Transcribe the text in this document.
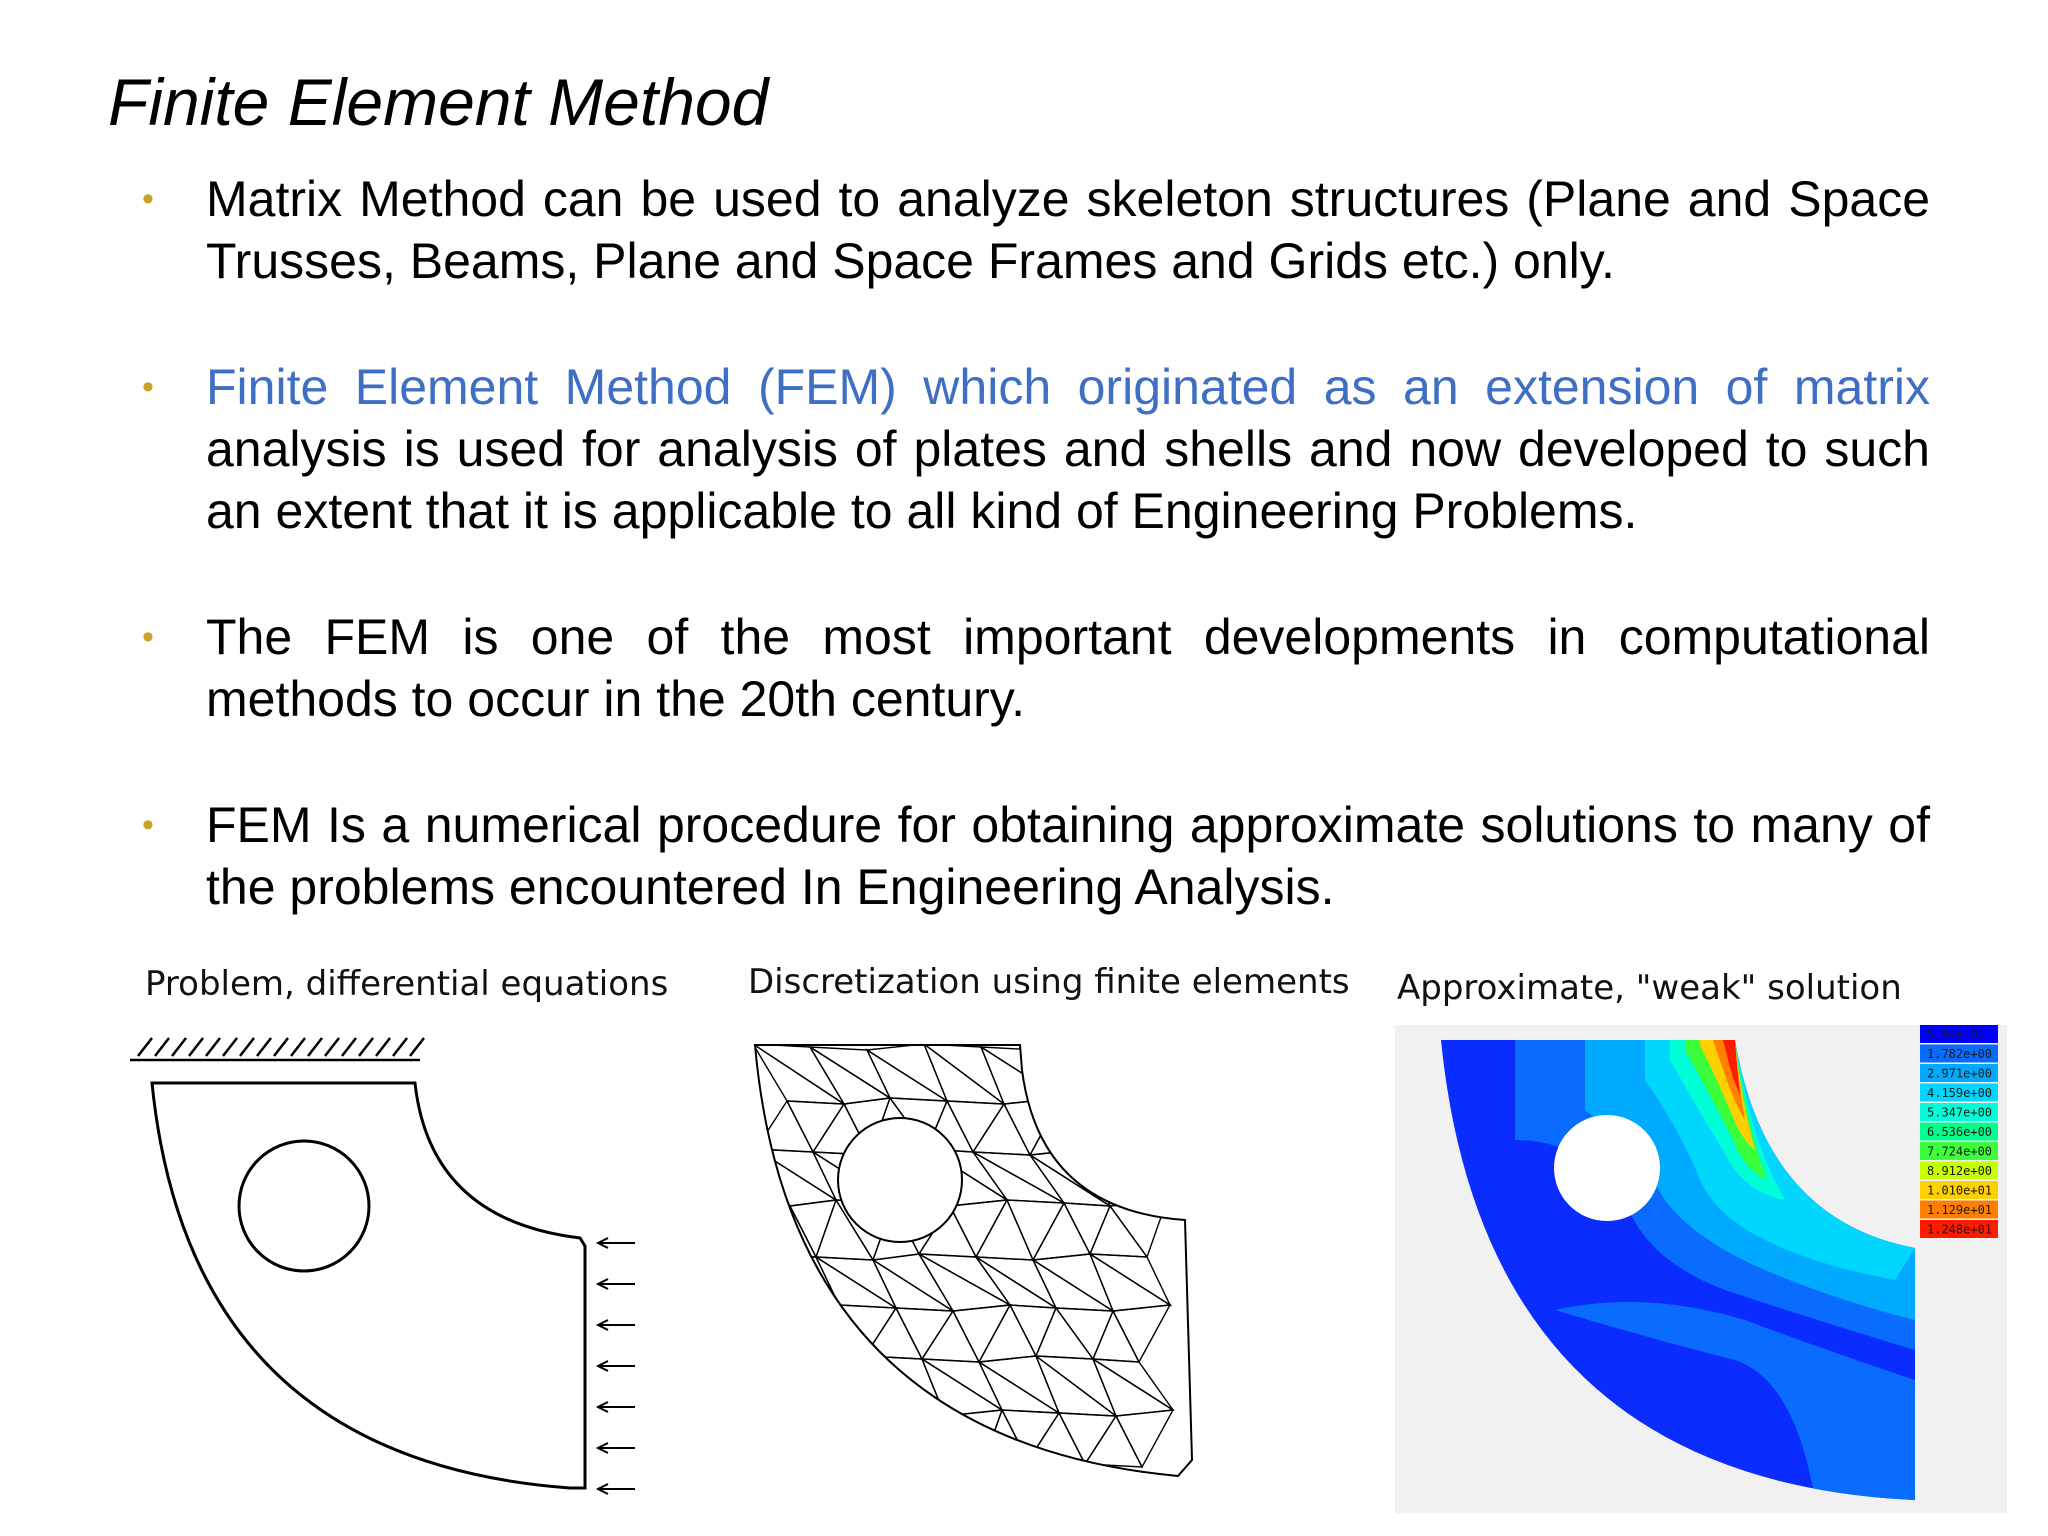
Finite Element Method
• Matrix Method can be used to analyze skeleton structures (Plane and Space Trusses, Beams, Plane and Space Frames and Grids etc.) only.
• Finite Element Method (FEM) which originated as an extension of matrix analysis is used for analysis of plates and shells and now developed to such an extent that it is applicable to all kind of Engineering Problems.
• The FEM is one of the most important developments in computational methods to occur in the 20th century.
• FEM Is a numerical procedure for obtaining approximate solutions to many of the problems encountered In Engineering Analysis.
Problem, differential equations Discretization using finite elements Approximate, "weak" solution
5.94e-01
1.782e+00
2.971e+00
4.159e+00
5.347e+00
6.536e+00
7.724e+00
8.912e+00
1.010e+01
1.129e+01
1.248e+01
